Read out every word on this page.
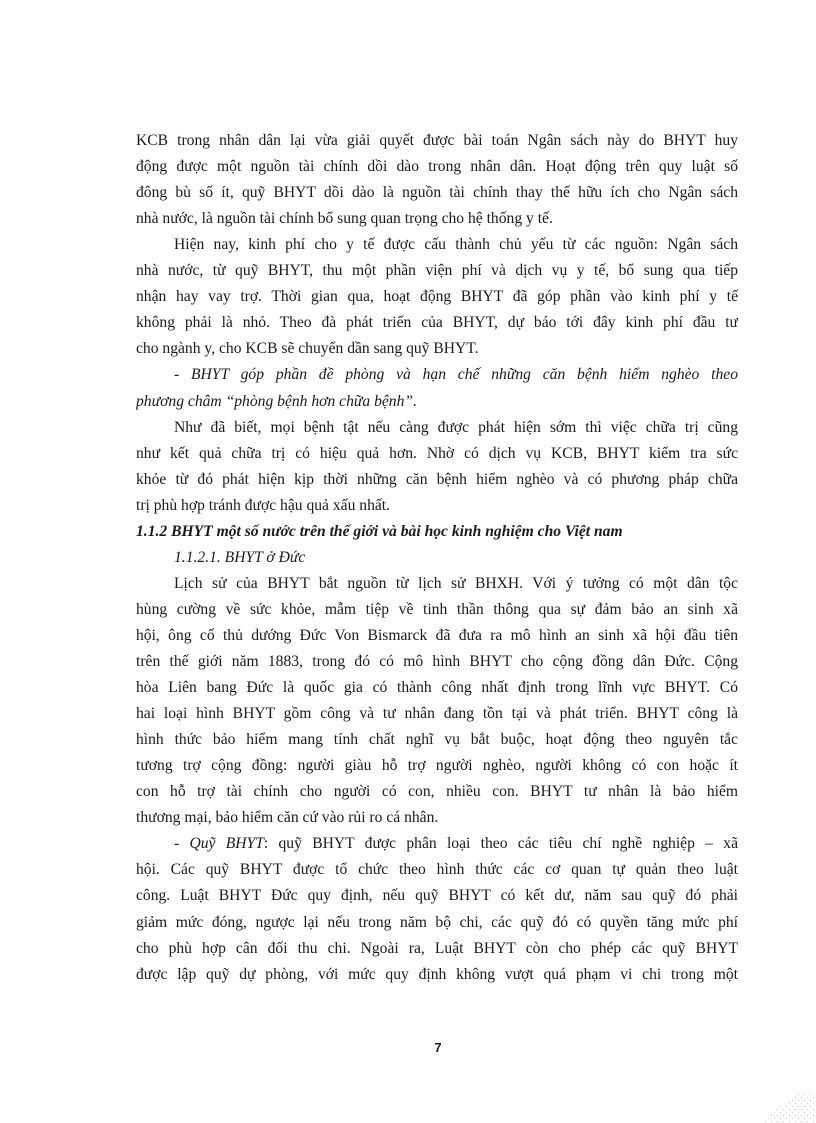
KCB trong nhân dân lại vừa giải quyết được bài toán Ngân sách này do BHYT huy
động được một nguồn tài chính dồi dào trong nhân dân. Hoạt động trên quy luật số
đông bù số ít, quỹ BHYT dồi dào là nguồn tài chính thay thế hữu ích cho Ngân sách
nhà nước, là nguồn tài chính bổ sung quan trọng cho hệ thống y tế.
Hiện nay, kinh phí cho y tế được cấu thành chủ yếu từ các nguồn: Ngân sách
nhà nước, từ quỹ BHYT, thu một phần viện phí và dịch vụ y tế, bổ sung qua tiếp
nhận hay vay trợ. Thời gian qua, hoạt động BHYT đã góp phần vào kinh phí y tế
không phải là nhỏ. Theo đà phát triển của BHYT, dự báo tới đây kinh phí đầu tư
cho ngành y, cho KCB sẽ chuyển dần sang quỹ BHYT.
- BHYT góp phần đề phòng và hạn chế những căn bệnh hiểm nghèo theo
phương châm “phòng bệnh hơn chữa bệnh”.
Như đã biết, mọi bệnh tật nếu càng được phát hiện sớm thì việc chữa trị cũng
như kết quả chữa trị có hiệu quả hơn. Nhờ có dịch vụ KCB, BHYT kiểm tra sức
khỏe từ đó phát hiện kịp thời những căn bệnh hiểm nghèo và có phương pháp chữa
trị phù hợp tránh được hậu quả xấu nhất.
1.1.2 BHYT một số nước trên thế giới và bài học kinh nghiệm cho Việt nam
1.1.2.1. BHYT ở Đức
Lịch sử của BHYT bắt nguồn từ lịch sử BHXH. Với ý tưởng có một dân tộc
hùng cường về sức khỏe, mẫm tiệp về tinh thần thông qua sự đảm bảo an sinh xã
hội, ông cố thủ dướng Đức Von Bismarck đã đưa ra mô hình an sinh xã hội đầu tiên
trên thế giới năm 1883, trong đó có mô hình BHYT cho cộng đồng dân Đức. Cộng
hòa Liên bang Đức là quốc gia có thành công nhất định trong lĩnh vực BHYT. Có
hai loại hình BHYT gồm công và tư nhân đang tồn tại và phát triển. BHYT công là
hình thức bảo hiểm mang tính chất nghĩ vụ bắt buộc, hoạt động theo nguyên tắc
tương trợ cộng đồng: người giàu hỗ trợ người nghèo, người không có con hoặc ít
con hỗ trợ tài chính cho người có con, nhiều con. BHYT tư nhân là bảo hiểm
thương mại, bảo hiểm căn cứ vào rủi ro cá nhân.
- Quỹ BHYT: quỹ BHYT được phân loại theo các tiêu chí nghề nghiệp – xã
hội. Các quỹ BHYT được tổ chức theo hình thức các cơ quan tự quản theo luật
công. Luật BHYT Đức quy định, nếu quỹ BHYT có kết dư, năm sau quỹ đó phải
giảm mức đóng, ngược lại nếu trong năm bộ chi, các quỹ đó có quyền tăng mức phí
cho phù hợp cân đối thu chi. Ngoài ra, Luật BHYT còn cho phép các quỹ BHYT
được lập quỹ dự phòng, với mức quy định không vượt quá phạm vi chi trong một
7
